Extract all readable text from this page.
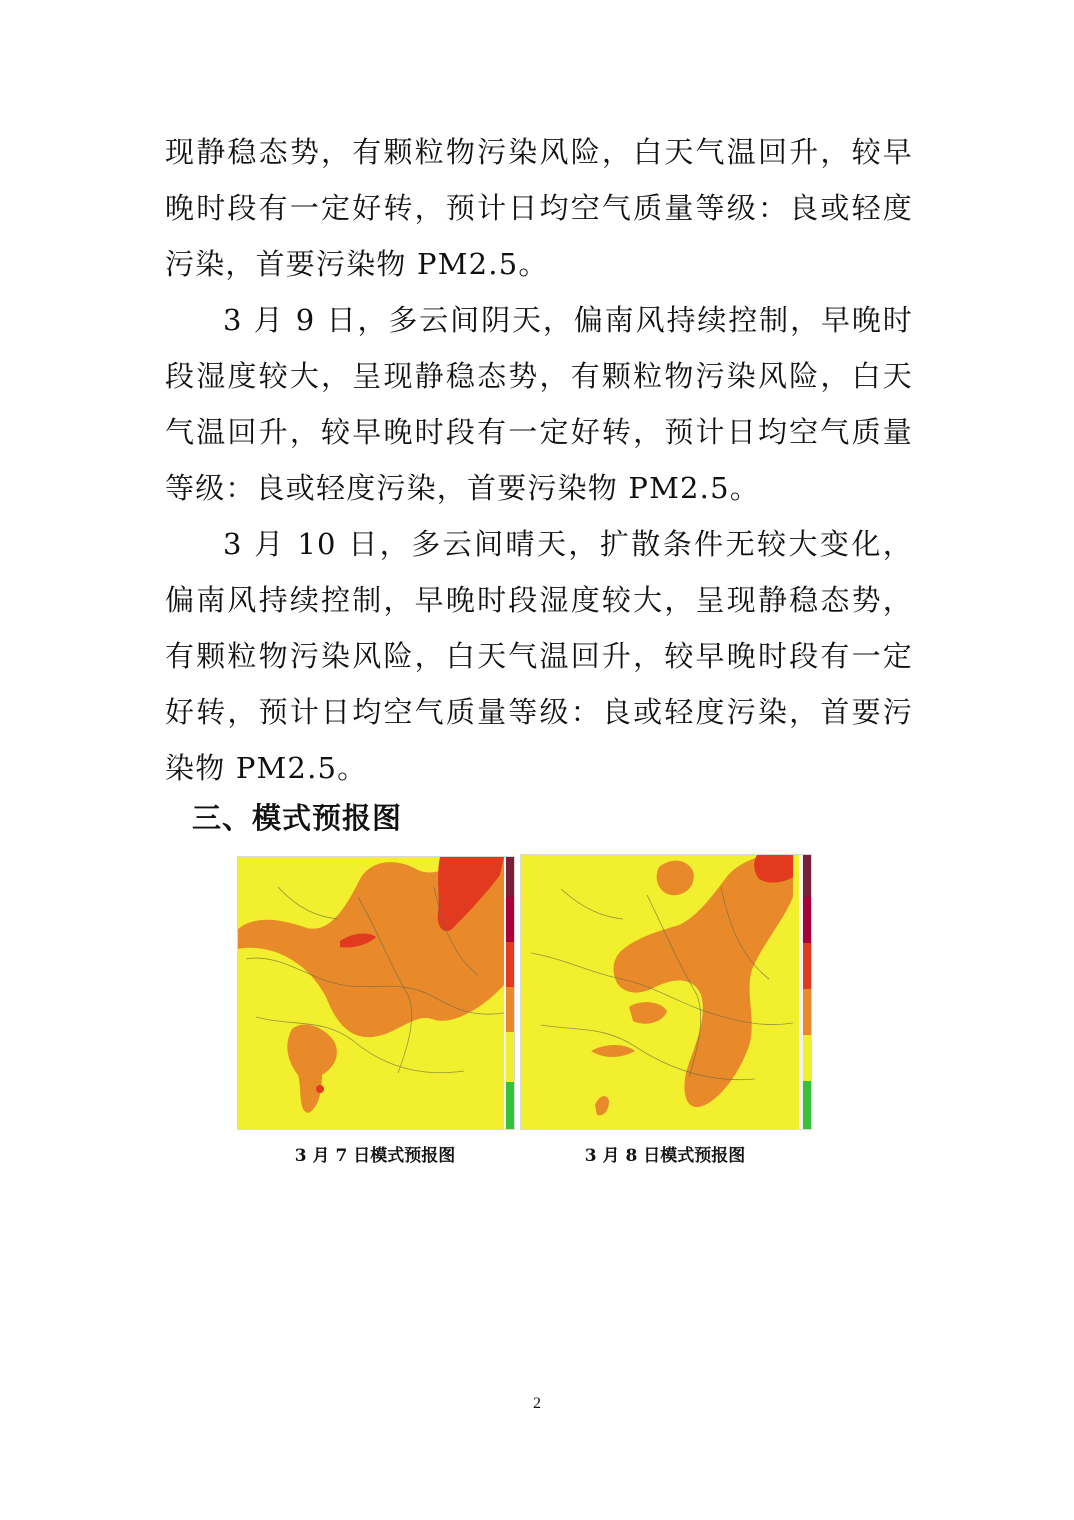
现静稳态势，有颗粒物污染风险，白天气温回升，较早晚时段有一定好转，预计日均空气质量等级：良或轻度污染，首要污染物 PM2.5。

3 月 9 日，多云间阴天，偏南风持续控制，早晚时段湿度较大，呈现静稳态势，有颗粒物污染风险，白天气温回升，较早晚时段有一定好转，预计日均空气质量等级：良或轻度污染，首要污染物 PM2.5。

3 月 10 日，多云间晴天，扩散条件无较大变化，偏南风持续控制，早晚时段湿度较大，呈现静稳态势，有颗粒物污染风险，白天气温回升，较早晚时段有一定好转，预计日均空气质量等级：良或轻度污染，首要污染物 PM2.5。

三、模式预报图

3 月 7 日模式预报图	3 月 8 日模式预报图

2
